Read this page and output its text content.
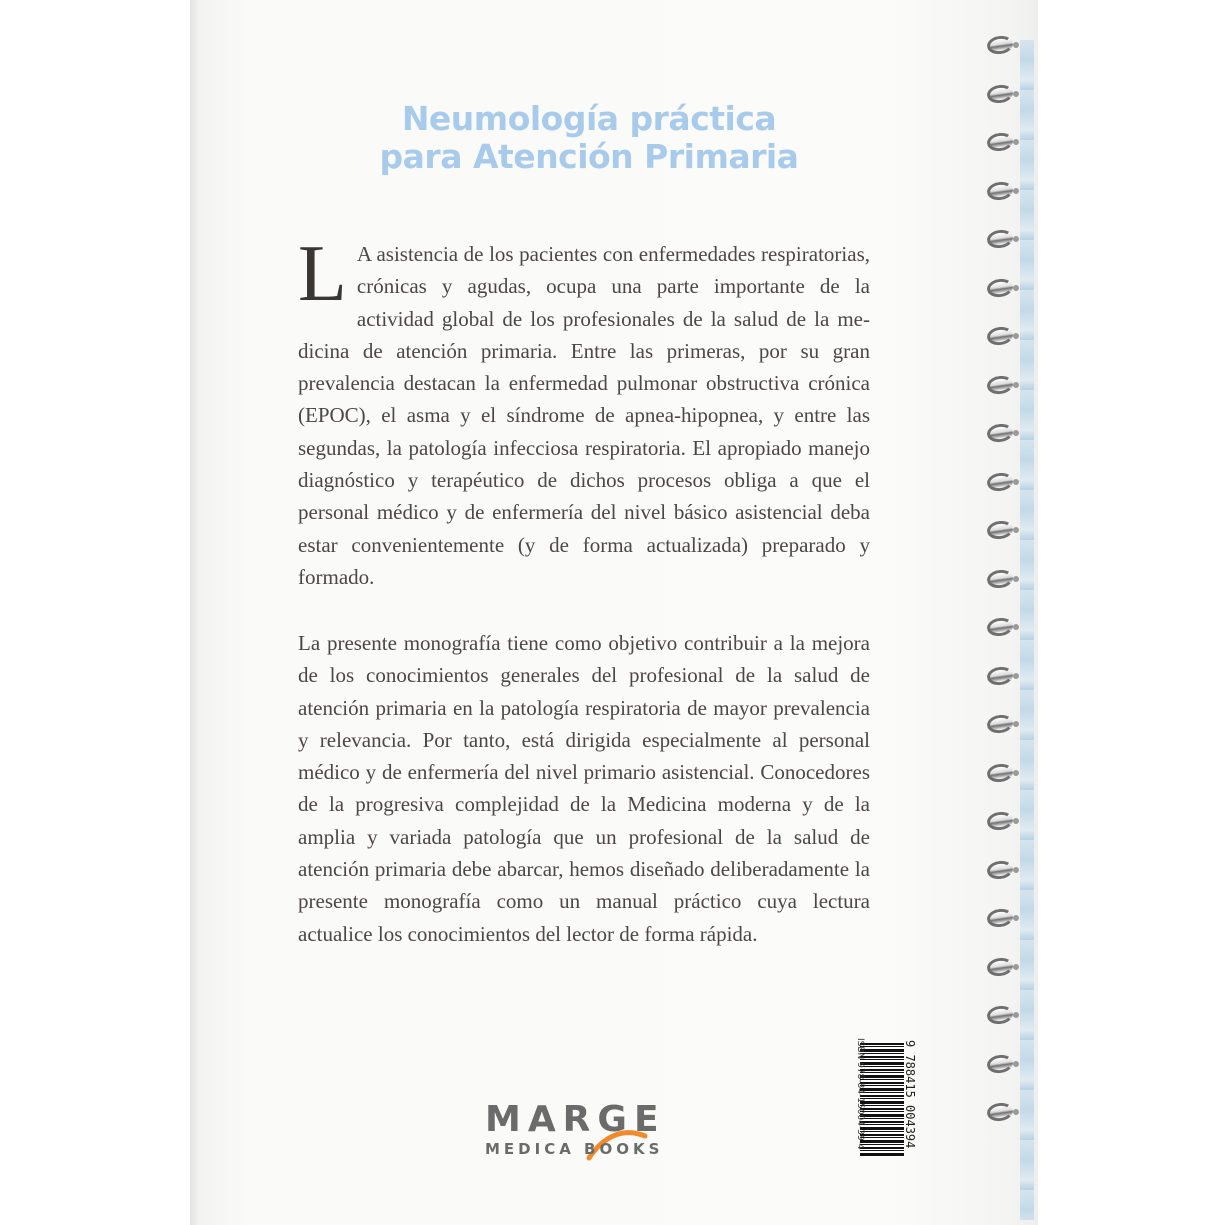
Neumología práctica
para Atención Primaria
L A asistencia de los pacientes con enfermedades respiratorias, crónicas y agudas, ocupa una parte importante de la actividad global de los profesionales de la salud de la medicina de atención primaria. Entre las primeras, por su gran prevalencia destacan la enfermedad pulmonar obstructiva crónica (EPOC), el asma y el síndrome de apnea-hipopnea, y entre las segundas, la patología infecciosa respiratoria. El apropiado manejo diagnóstico y terapéutico de dichos procesos obliga a que el personal médico y de enfermería del nivel básico asistencial deba estar convenientemente (y de forma actualizada) preparado y formado.
La presente monografía tiene como objetivo contribuir a la mejora de los conocimientos generales del profesional de la salud de atención primaria en la patología respiratoria de mayor prevalencia y relevancia. Por tanto, está dirigida especialmente al personal médico y de enfermería del nivel primario asistencial. Conocedores de la progresiva complejidad de la Medicina moderna y de la amplia y variada patología que un profesional de la salud de atención primaria debe abarcar, hemos diseñado deliberadamente la presente monografía como un manual práctico cuya lectura actualice los conocimientos del lector de forma rápida.
ISBN 978-84-15004-39-4	9 788415 004394
MARGE
MEDICA BOOKS
